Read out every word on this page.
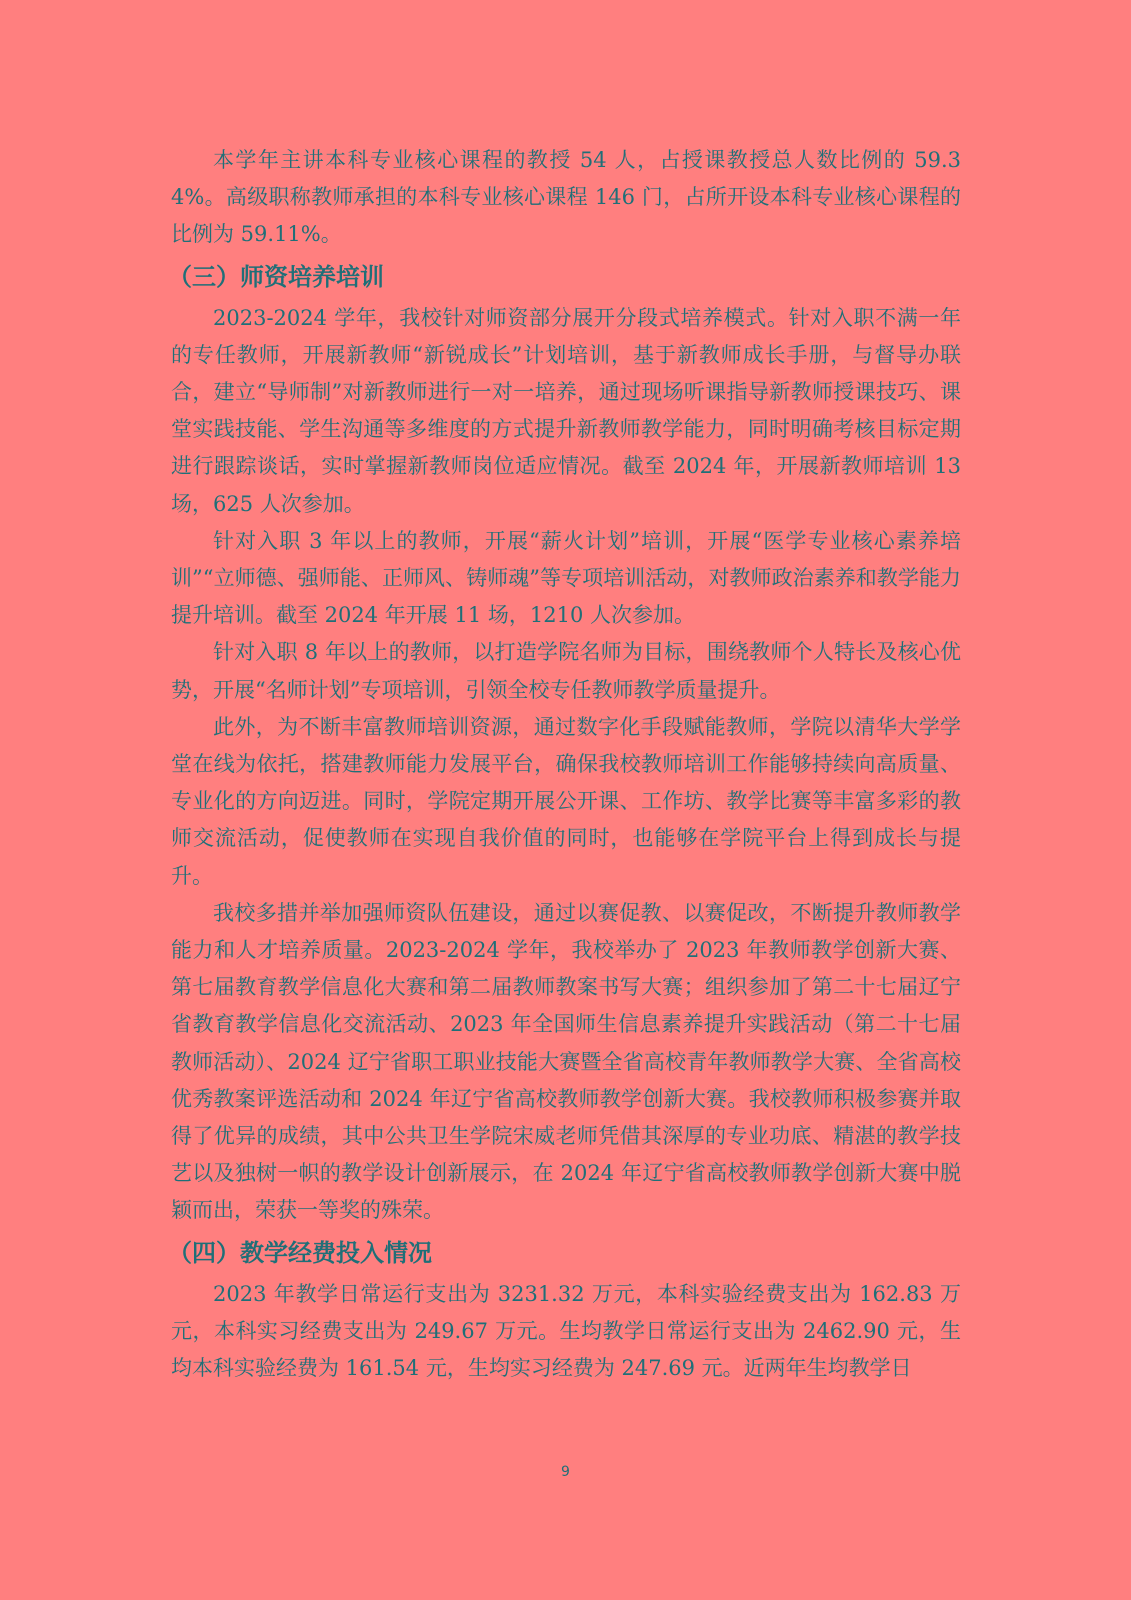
本学年主讲本科专业核心课程的教授 54 人，占授课教授总人数比例的 59.34%。高级职称教师承担的本科专业核心课程 146 门，占所开设本科专业核心课程的比例为 59.11%。

（三）师资培养培训

2023-2024 学年，我校针对师资部分展开分段式培养模式。针对入职不满一年的专任教师，开展新教师“新锐成长”计划培训，基于新教师成长手册，与督导办联合，建立“导师制”对新教师进行一对一培养，通过现场听课指导新教师授课技巧、课堂实践技能、学生沟通等多维度的方式提升新教师教学能力，同时明确考核目标定期进行跟踪谈话，实时掌握新教师岗位适应情况。截至 2024 年，开展新教师培训 13 场，625 人次参加。

针对入职 3 年以上的教师，开展“薪火计划”培训，开展“医学专业核心素养培训”“立师德、强师能、正师风、铸师魂”等专项培训活动，对教师政治素养和教学能力提升培训。截至 2024 年开展 11 场，1210 人次参加。

针对入职 8 年以上的教师，以打造学院名师为目标，围绕教师个人特长及核心优势，开展“名师计划”专项培训，引领全校专任教师教学质量提升。

此外，为不断丰富教师培训资源，通过数字化手段赋能教师，学院以清华大学学堂在线为依托，搭建教师能力发展平台，确保我校教师培训工作能够持续向高质量、专业化的方向迈进。同时，学院定期开展公开课、工作坊、教学比赛等丰富多彩的教师交流活动，促使教师在实现自我价值的同时，也能够在学院平台上得到成长与提升。

我校多措并举加强师资队伍建设，通过以赛促教、以赛促改，不断提升教师教学能力和人才培养质量。2023-2024 学年，我校举办了 2023 年教师教学创新大赛、第七届教育教学信息化大赛和第二届教师教案书写大赛；组织参加了第二十七届辽宁省教育教学信息化交流活动、2023 年全国师生信息素养提升实践活动（第二十七届教师活动）、2024 辽宁省职工职业技能大赛暨全省高校青年教师教学大赛、全省高校优秀教案评选活动和 2024 年辽宁省高校教师教学创新大赛。我校教师积极参赛并取得了优异的成绩，其中公共卫生学院宋威老师凭借其深厚的专业功底、精湛的教学技艺以及独树一帜的教学设计创新展示，在 2024 年辽宁省高校教师教学创新大赛中脱颖而出，荣获一等奖的殊荣。

（四）教学经费投入情况

2023 年教学日常运行支出为 3231.32 万元，本科实验经费支出为 162.83 万元，本科实习经费支出为 249.67 万元。生均教学日常运行支出为 2462.90 元，生均本科实验经费为 161.54 元，生均实习经费为 247.69 元。近两年生均教学日

9
